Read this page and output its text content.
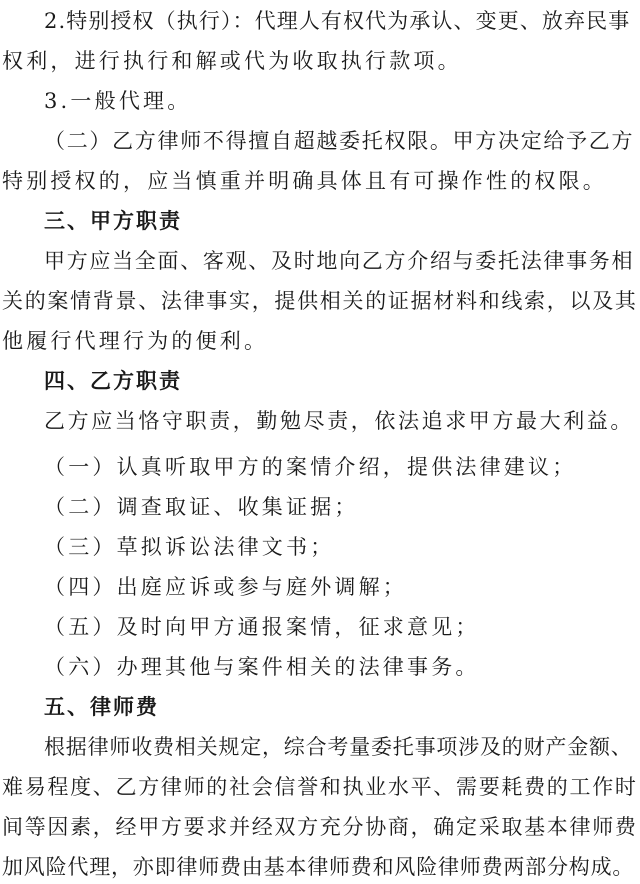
2.特别授权（执行）：代理人有权代为承认、变更、放弃民事
权利，进行执行和解或代为收取执行款项。
3.一般代理。
（二）乙方律师不得擅自超越委托权限。甲方决定给予乙方
特别授权的，应当慎重并明确具体且有可操作性的权限。
三、甲方职责
甲方应当全面、客观、及时地向乙方介绍与委托法律事务相
关的案情背景、法律事实，提供相关的证据材料和线索，以及其
他履行代理行为的便利。
四、乙方职责
乙方应当恪守职责，勤勉尽责，依法追求甲方最大利益。
（一）认真听取甲方的案情介绍，提供法律建议；
（二）调查取证、收集证据；
（三）草拟诉讼法律文书；
（四）出庭应诉或参与庭外调解；
（五）及时向甲方通报案情，征求意见；
（六）办理其他与案件相关的法律事务。
五、律师费
根据律师收费相关规定，综合考量委托事项涉及的财产金额、
难易程度、乙方律师的社会信誉和执业水平、需要耗费的工作时
间等因素，经甲方要求并经双方充分协商，确定采取基本律师费
加风险代理，亦即律师费由基本律师费和风险律师费两部分构成。
